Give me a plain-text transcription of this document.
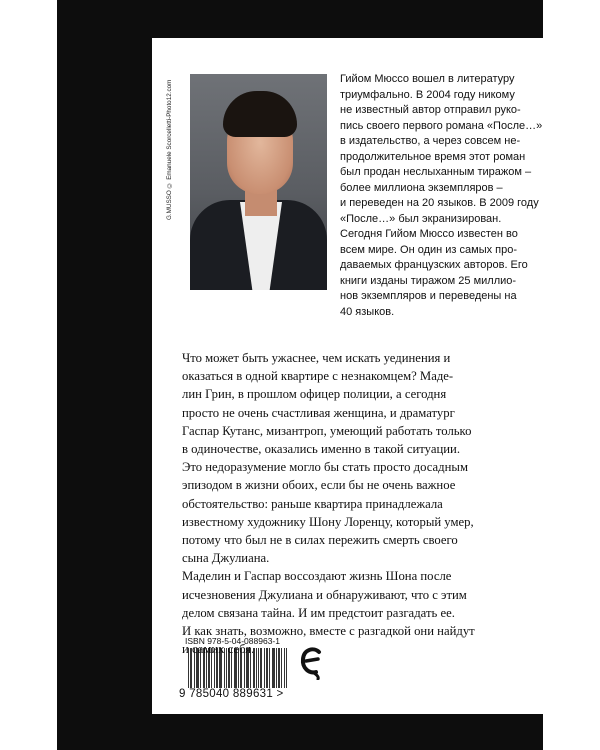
G.MUSSO © Emanuele Scorcelletti-Photo12.com
Гийом Мюссо вошел в литературу
триумфально. В 2004 году никому
не известный автор отправил руко-
пись своего первого романа «После…»
в издательство, а через совсем не-
продолжительное время этот роман
был продан неслыханным тиражом –
более миллиона экземпляров –
и переведен на 20 языков. В 2009 году
«После…» был экранизирован.
Сегодня Гийом Мюссо известен во
всем мире. Он один из самых про-
даваемых французских авторов. Его
книги изданы тиражом 25 миллио-
нов экземпляров и переведены на
40 языков.
Что может быть ужаснее, чем искать уединения и
оказаться в одной квартире с незнакомцем? Маде-
лин Грин, в прошлом офицер полиции, а сегодня
просто не очень счастливая женщина, и драматург
Гаспар Кутанс, мизантроп, умеющий работать только
в одиночестве, оказались именно в такой ситуации.
Это недоразумение могло бы стать просто досадным
эпизодом в жизни обоих, если бы не очень важное
обстоятельство: раньше квартира принадлежала
известному художнику Шону Лоренцу, который умер,
потому что был не в силах пережить смерть своего
сына Джулиана.
Маделин и Гаспар воссоздают жизнь Шона после
исчезновения Джулиана и обнаруживают, что с этим
делом связана тайна. И им предстоит разгадать ее.
И как знать, возможно, вместе с разгадкой они найдут
и самих себя.
ISBN 978-5-04-088963-1
9 785040 889631 >
